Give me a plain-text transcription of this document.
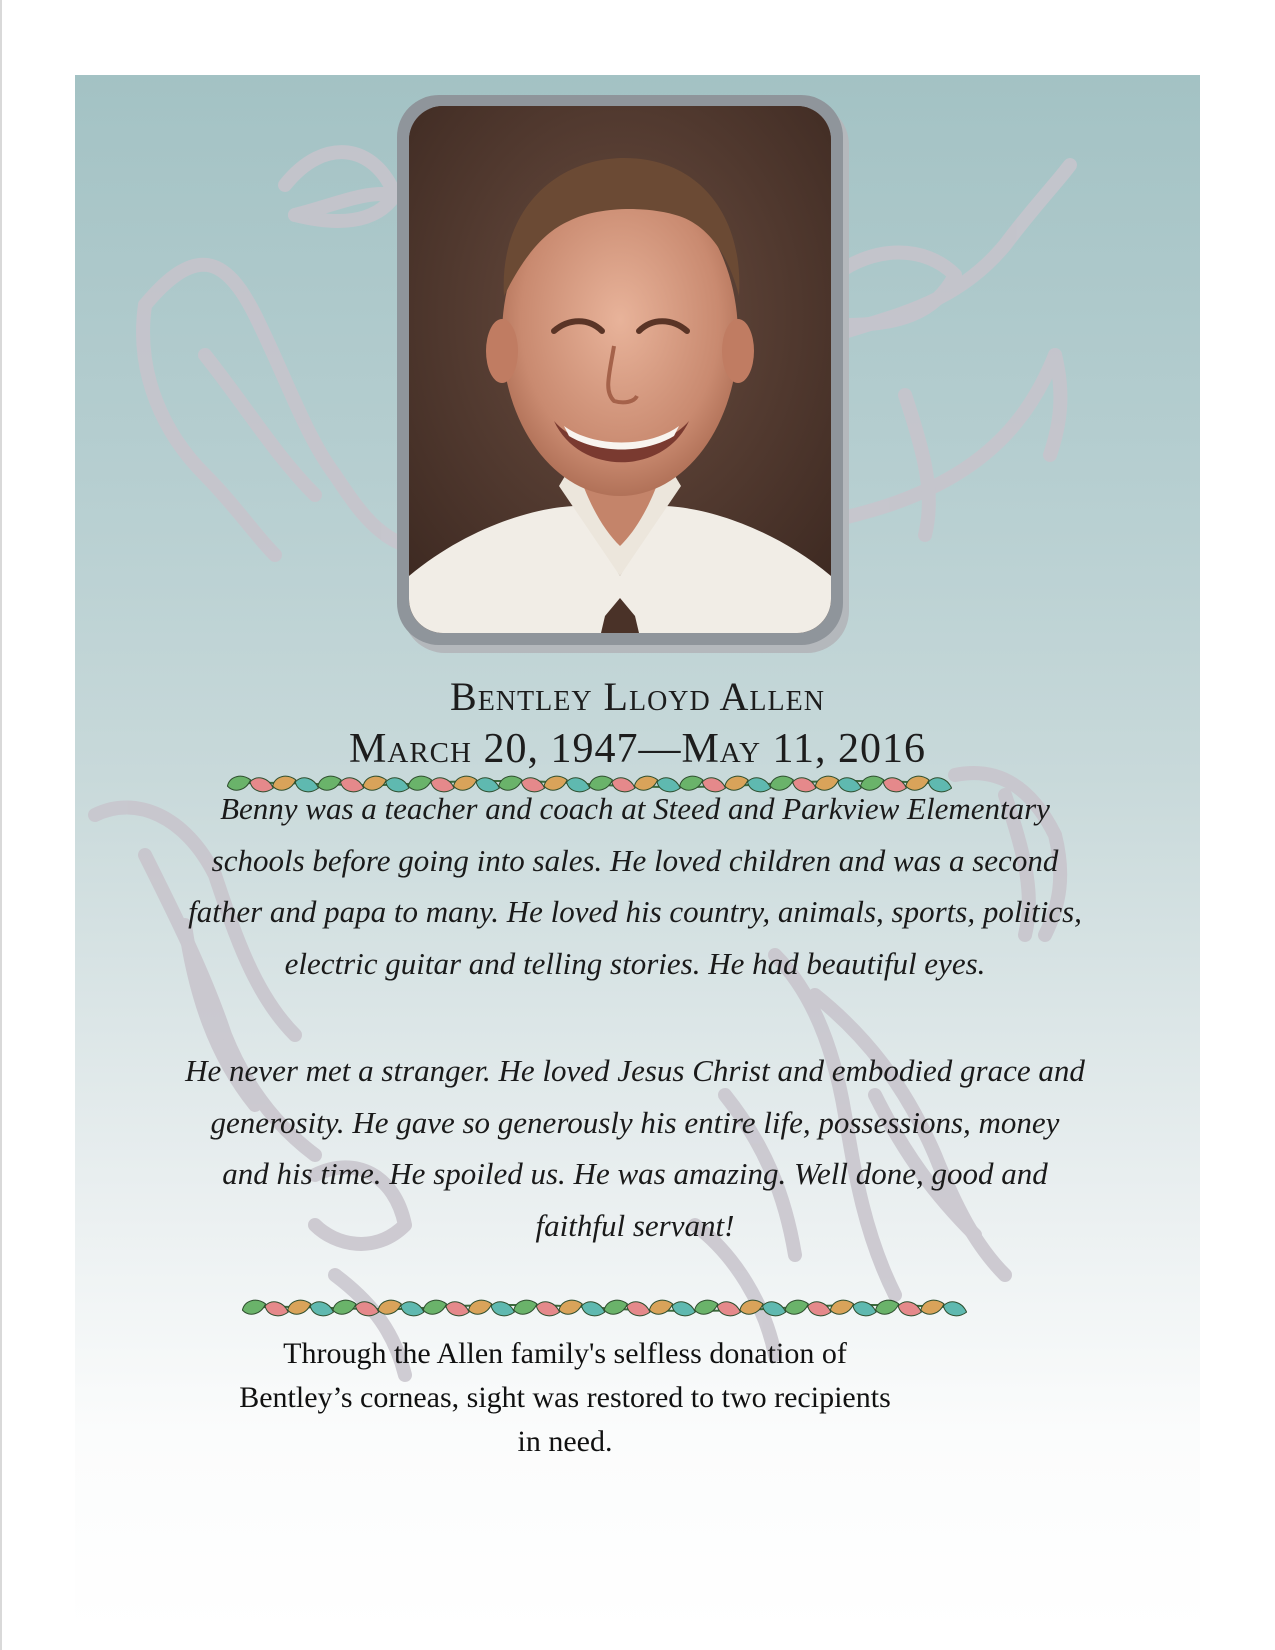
Bentley Lloyd Allen
March 20, 1947—May 11, 2016
Benny was a teacher and coach at Steed and Parkview Elementary schools before going into sales. He loved children and was a second father and papa to many. He loved his country, animals, sports, politics, electric guitar and telling stories. He had beautiful eyes.
He never met a stranger. He loved Jesus Christ and embodied grace and generosity. He gave so generously his entire life, possessions, money and his time. He spoiled us. He was amazing. Well done, good and faithful servant!
Through the Allen family's selfless donation of Bentley’s corneas, sight was restored to two recipients in need.
